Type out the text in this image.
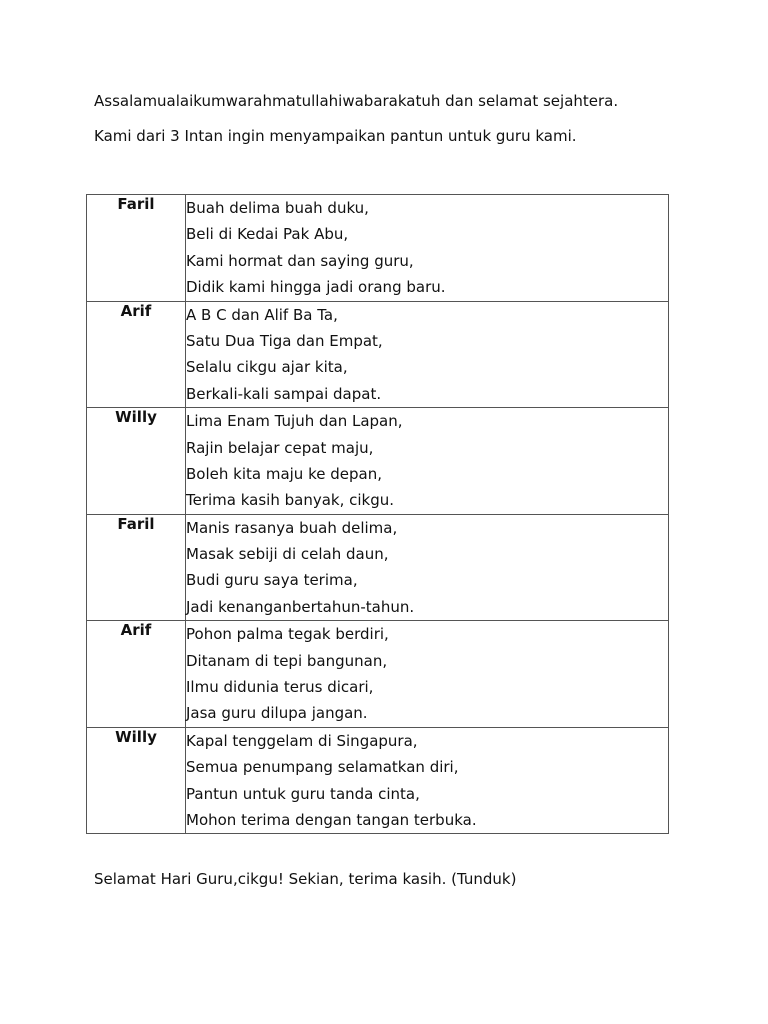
Assalamualaikumwarahmatullahiwabarakatuh dan selamat sejahtera.
Kami dari 3 Intan ingin menyampaikan pantun untuk guru kami.
Faril	Buah delima buah duku,
Beli di Kedai Pak Abu,
Kami hormat dan saying guru,
Didik kami hingga jadi orang baru.

Arif	A B C dan Alif Ba Ta,
Satu Dua Tiga dan Empat,
Selalu cikgu ajar kita,
Berkali-kali sampai dapat.

Willy	Lima Enam Tujuh dan Lapan,
Rajin belajar cepat maju,
Boleh kita maju ke depan,
Terima kasih banyak, cikgu.

Faril	Manis rasanya buah delima,
Masak sebiji di celah daun,
Budi guru saya terima,
Jadi kenanganbertahun-tahun.

Arif	Pohon palma tegak berdiri,
Ditanam di tepi bangunan,
Ilmu didunia terus dicari,
Jasa guru dilupa jangan.

Willy	Kapal tenggelam di Singapura,
Semua penumpang selamatkan diri,
Pantun untuk guru tanda cinta,
Mohon terima dengan tangan terbuka.
Selamat Hari Guru,cikgu! Sekian, terima kasih. (Tunduk)
